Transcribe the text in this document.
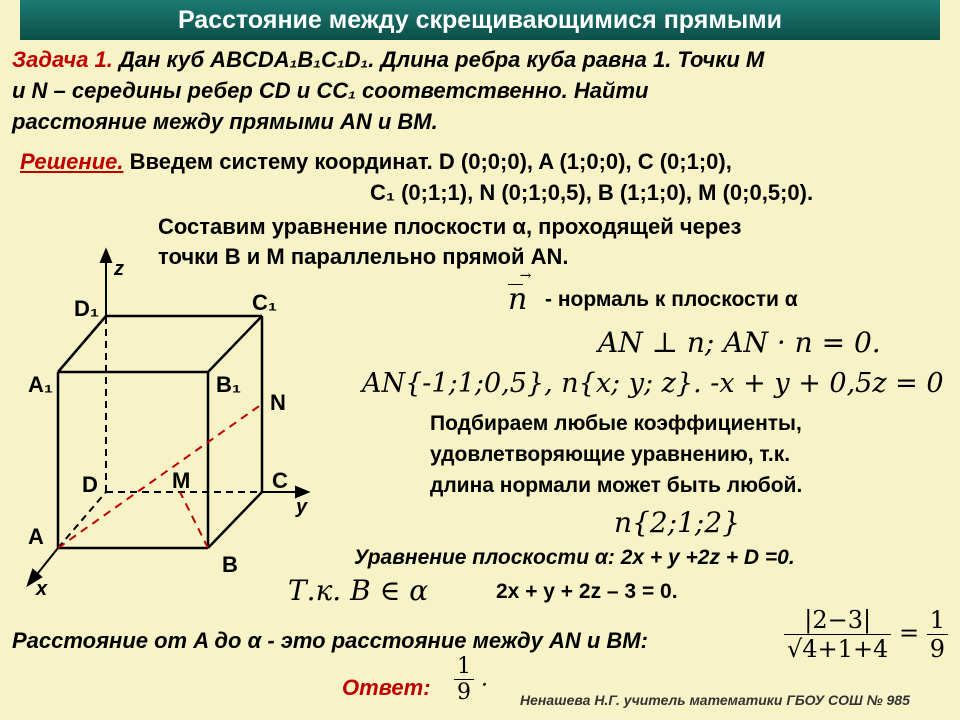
Расстояние между скрещивающимися прямыми
Задача 1. Дан куб ABCDA₁B₁C₁D₁. Длина ребра куба равна 1. Точки M
и N – середины ребер CD и CC₁ соответственно. Найти
расстояние между прямыми AN и BM.
Решение. Введем систему координат. D (0;0;0), A (1;0;0), C (0;1;0),
C₁ (0;1;1), N (0;1;0,5), B (1;1;0), M (0;0,5;0).
Составим уравнение плоскости α, проходящей через
точки B и M параллельно прямой AN.
n → - нормаль к плоскости α
AN ⊥ n; AN · n = 0.
AN{-1;1;0,5}, n{x; y; z}. -x + y + 0,5z = 0
Подбираем любые коэффициенты,
удовлетворяющие уравнению, т.к.
длина нормали может быть любой.
n{2;1;2}
Уравнение плоскости α: 2x + y +2z + D =0.
Т.к. B ∈ α	2x + y + 2z – 3 = 0.
Расстояние от A до α - это расстояние между AN и BM:	$\frac{|2-3|}{√4+1+4} = \frac{1}{9}$
Ответ: $\frac{1}{9}$ .
Ненашева Н.Г. учитель математики ГБОУ СОШ № 985
z
x
y
D₁	C₁
A₁	B₁
N
D	M	C
A
B
